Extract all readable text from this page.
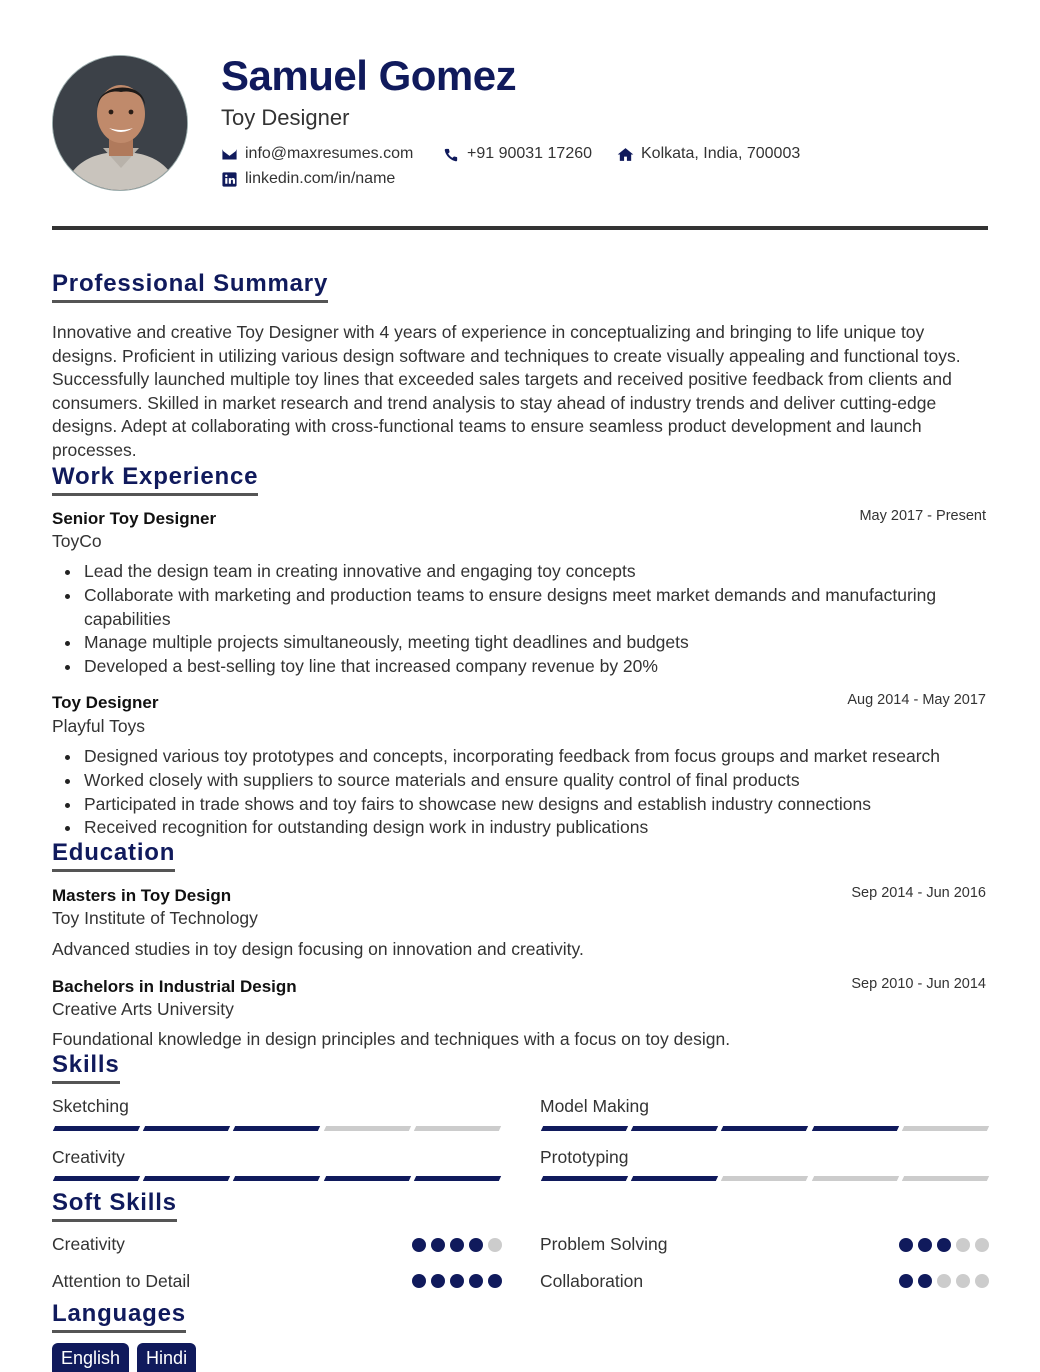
Samuel Gomez
Toy Designer
info@maxresumes.com	+91 90031 17260	Kolkata, India, 700003
linkedin.com/in/name
Professional Summary
Innovative and creative Toy Designer with 4 years of experience in conceptualizing and bringing to life unique toy designs. Proficient in utilizing various design software and techniques to create visually appealing and functional toys. Successfully launched multiple toy lines that exceeded sales targets and received positive feedback from clients and consumers. Skilled in market research and trend analysis to stay ahead of industry trends and deliver cutting-edge designs. Adept at collaborating with cross-functional teams to ensure seamless product development and launch processes.
Work Experience
Senior Toy Designer	May 2017 - Present
ToyCo
Lead the design team in creating innovative and engaging toy concepts
Collaborate with marketing and production teams to ensure designs meet market demands and manufacturing capabilities
Manage multiple projects simultaneously, meeting tight deadlines and budgets
Developed a best-selling toy line that increased company revenue by 20%
Toy Designer	Aug 2014 - May 2017
Playful Toys
Designed various toy prototypes and concepts, incorporating feedback from focus groups and market research
Worked closely with suppliers to source materials and ensure quality control of final products
Participated in trade shows and toy fairs to showcase new designs and establish industry connections
Received recognition for outstanding design work in industry publications
Education
Masters in Toy Design	Sep 2014 - Jun 2016
Toy Institute of Technology
Advanced studies in toy design focusing on innovation and creativity.
Bachelors in Industrial Design	Sep 2010 - Jun 2014
Creative Arts University
Foundational knowledge in design principles and techniques with a focus on toy design.
Skills
Sketching	Model Making
Creativity	Prototyping
Soft Skills
Creativity	Problem Solving
Attention to Detail	Collaboration
Languages
English	Hindi
